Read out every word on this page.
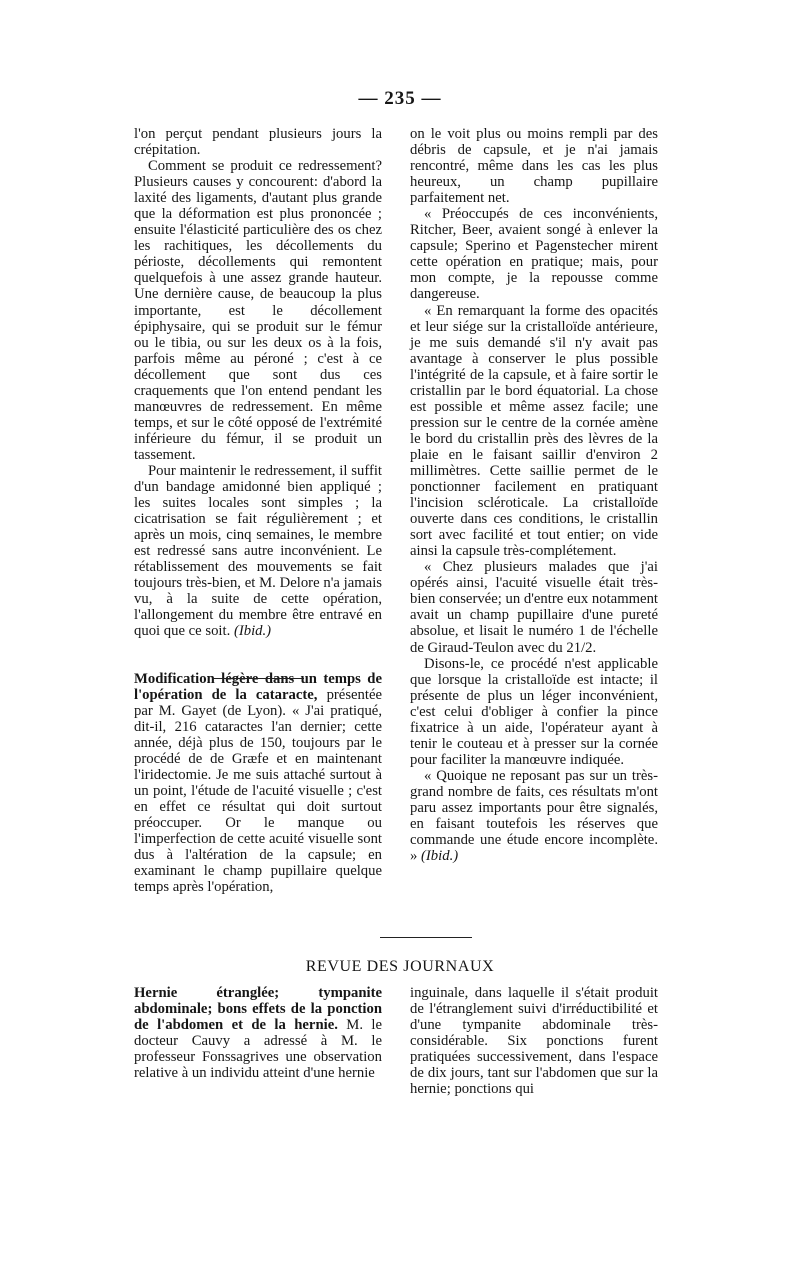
— 235 —

l'on perçut pendant plusieurs jours la crépitation.

Comment se produit ce redressement? Plusieurs causes y concourent: d'abord la laxité des ligaments, d'autant plus grande que la déformation est plus prononcée ; ensuite l'élasticité particulière des os chez les rachitiques, les décollements du périoste, décollements qui remontent quelquefois à une assez grande hauteur. Une dernière cause, de beaucoup la plus importante, est le décollement épiphysaire, qui se produit sur le fémur ou le tibia, ou sur les deux os à la fois, parfois même au péroné ; c'est à ce décollement que sont dus ces craquements que l'on entend pendant les manœuvres de redressement. En même temps, et sur le côté opposé de l'extrémité inférieure du fémur, il se produit un tassement.

Pour maintenir le redressement, il suffit d'un bandage amidonné bien appliqué ; les suites locales sont simples ; la cicatrisation se fait régulièrement ; et après un mois, cinq semaines, le membre est redressé sans autre inconvénient. Le rétablissement des mouvements se fait toujours très-bien, et M. Delore n'a jamais vu, à la suite de cette opération, l'allongement du membre être entravé en quoi que ce soit. (Ibid.)

Modification légère dans un temps de l'opération de la cataracte, présentée par M. Gayet (de Lyon). « J'ai pratiqué, dit-il, 216 cataractes l'an dernier; cette année, déjà plus de 150, toujours par le procédé de de Græfe et en maintenant l'iridectomie. Je me suis attaché surtout à un point, l'étude de l'acuité visuelle ; c'est en effet ce résultat qui doit surtout préoccuper. Or le manque ou l'imperfection de cette acuité visuelle sont dus à l'altération de la capsule; en examinant le champ pupillaire quelque temps après l'opération,

on le voit plus ou moins rempli par des débris de capsule, et je n'ai jamais rencontré, même dans les cas les plus heureux, un champ pupillaire parfaitement net.

« Préoccupés de ces inconvénients, Ritcher, Beer, avaient songé à enlever la capsule; Sperino et Pagenstecher mirent cette opération en pratique; mais, pour mon compte, je la repousse comme dangereuse.

« En remarquant la forme des opacités et leur siége sur la cristalloïde antérieure, je me suis demandé s'il n'y avait pas avantage à conserver le plus possible l'intégrité de la capsule, et à faire sortir le cristallin par le bord équatorial. La chose est possible et même assez facile; une pression sur le centre de la cornée amène le bord du cristallin près des lèvres de la plaie en le faisant saillir d'environ 2 millimètres. Cette saillie permet de le ponctionner facilement en pratiquant l'incision scléroticale. La cristalloïde ouverte dans ces conditions, le cristallin sort avec facilité et tout entier; on vide ainsi la capsule très-complétement.

« Chez plusieurs malades que j'ai opérés ainsi, l'acuité visuelle était très-bien conservée; un d'entre eux notamment avait un champ pupillaire d'une pureté absolue, et lisait le numéro 1 de l'échelle de Giraud-Teulon avec du 21/2.

Disons-le, ce procédé n'est applicable que lorsque la cristalloïde est intacte; il présente de plus un léger inconvénient, c'est celui d'obliger à confier la pince fixatrice à un aide, l'opérateur ayant à tenir le couteau et à presser sur la cornée pour faciliter la manœuvre indiquée.

« Quoique ne reposant pas sur un très-grand nombre de faits, ces résultats m'ont paru assez importants pour être signalés, en faisant toutefois les réserves que commande une étude encore incomplète. » (Ibid.)

REVUE DES JOURNAUX

Hernie étranglée; tympanite abdominale; bons effets de la ponction de l'abdomen et de la hernie. M. le docteur Cauvy a adressé à M. le professeur Fonssagrives une observation relative à un individu atteint d'une hernie

inguinale, dans laquelle il s'était produit de l'étranglement suivi d'irréductibilité et d'une tympanite abdominale très-considérable. Six ponctions furent pratiquées successivement, dans l'espace de dix jours, tant sur l'abdomen que sur la hernie; ponctions qui
